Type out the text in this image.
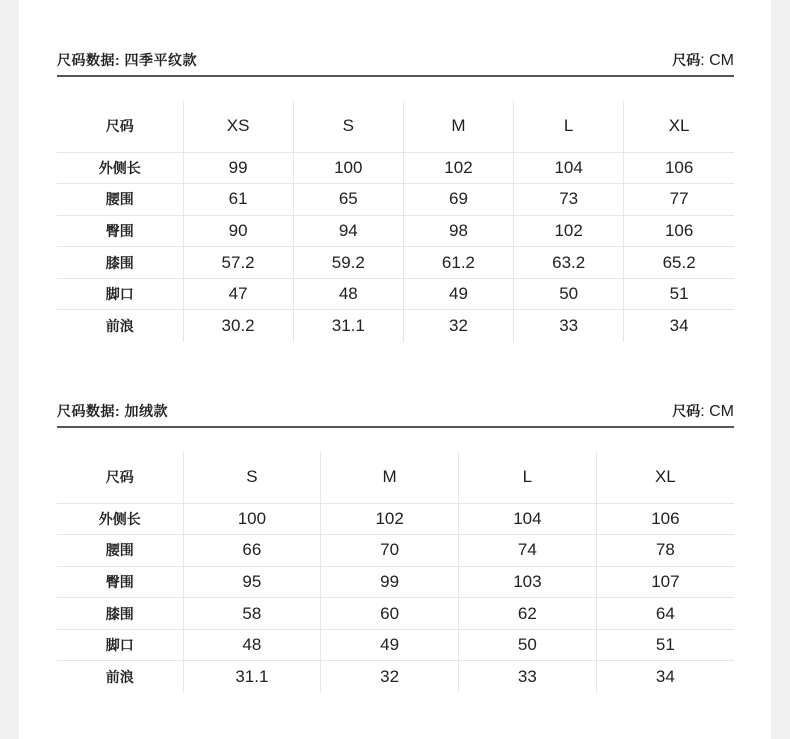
尺码数据: 四季平纹款	尺码: CM
尺码	XS	S	M	L	XL
外侧长	99	100	102	104	106
腰围	61	65	69	73	77
臀围	90	94	98	102	106
膝围	57.2	59.2	61.2	63.2	65.2
脚口	47	48	49	50	51
前浪	30.2	31.1	32	33	34
尺码数据: 加绒款	尺码: CM
尺码	S	M	L	XL
外侧长	100	102	104	106
腰围	66	70	74	78
臀围	95	99	103	107
膝围	58	60	62	64
脚口	48	49	50	51
前浪	31.1	32	33	34
